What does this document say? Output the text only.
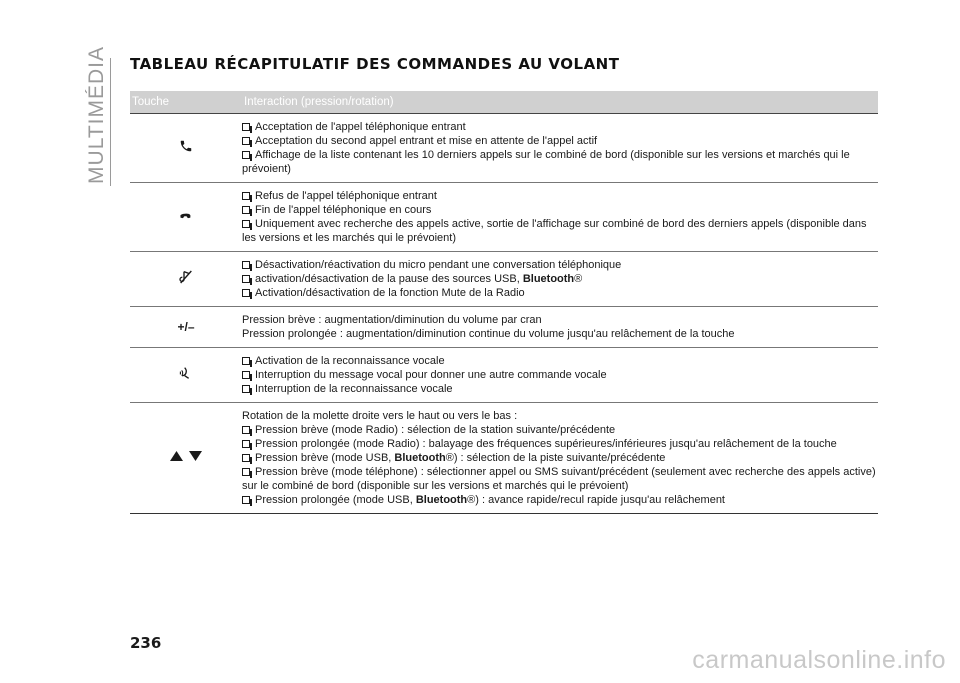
MULTIMÉDIA TABLEAU RÉCAPITULATIF DES COMMANDES AU VOLANT
Touche	Interaction (pression/rotation)
Acceptation de l'appel téléphonique entrant
Acceptation du second appel entrant et mise en attente de l'appel actif
Affichage de la liste contenant les 10 derniers appels sur le combiné de bord (disponible sur les versions et marchés qui le prévoient)
Refus de l'appel téléphonique entrant
Fin de l'appel téléphonique en cours
Uniquement avec recherche des appels active, sortie de l'affichage sur combiné de bord des derniers appels (disponible dans les versions et les marchés qui le prévoient)
Désactivation/réactivation du micro pendant une conversation téléphonique
activation/désactivation de la pause des sources USB, Bluetooth®
Activation/désactivation de la fonction Mute de la Radio
+/–	Pression brève : augmentation/diminution du volume par cran
Pression prolongée : augmentation/diminution continue du volume jusqu'au relâchement de la touche
Activation de la reconnaissance vocale
Interruption du message vocal pour donner une autre commande vocale
Interruption de la reconnaissance vocale
Rotation de la molette droite vers le haut ou vers le bas :
Pression brève (mode Radio) : sélection de la station suivante/précédente
Pression prolongée (mode Radio) : balayage des fréquences supérieures/inférieures jusqu'au relâchement de la touche
Pression brève (mode USB, Bluetooth®) : sélection de la piste suivante/précédente
Pression brève (mode téléphone) : sélectionner appel ou SMS suivant/précédent (seulement avec recherche des appels active) sur le combiné de bord (disponible sur les versions et marchés qui le prévoient)
Pression prolongée (mode USB, Bluetooth®) : avance rapide/recul rapide jusqu'au relâchement
236
carmanualsonline.info
